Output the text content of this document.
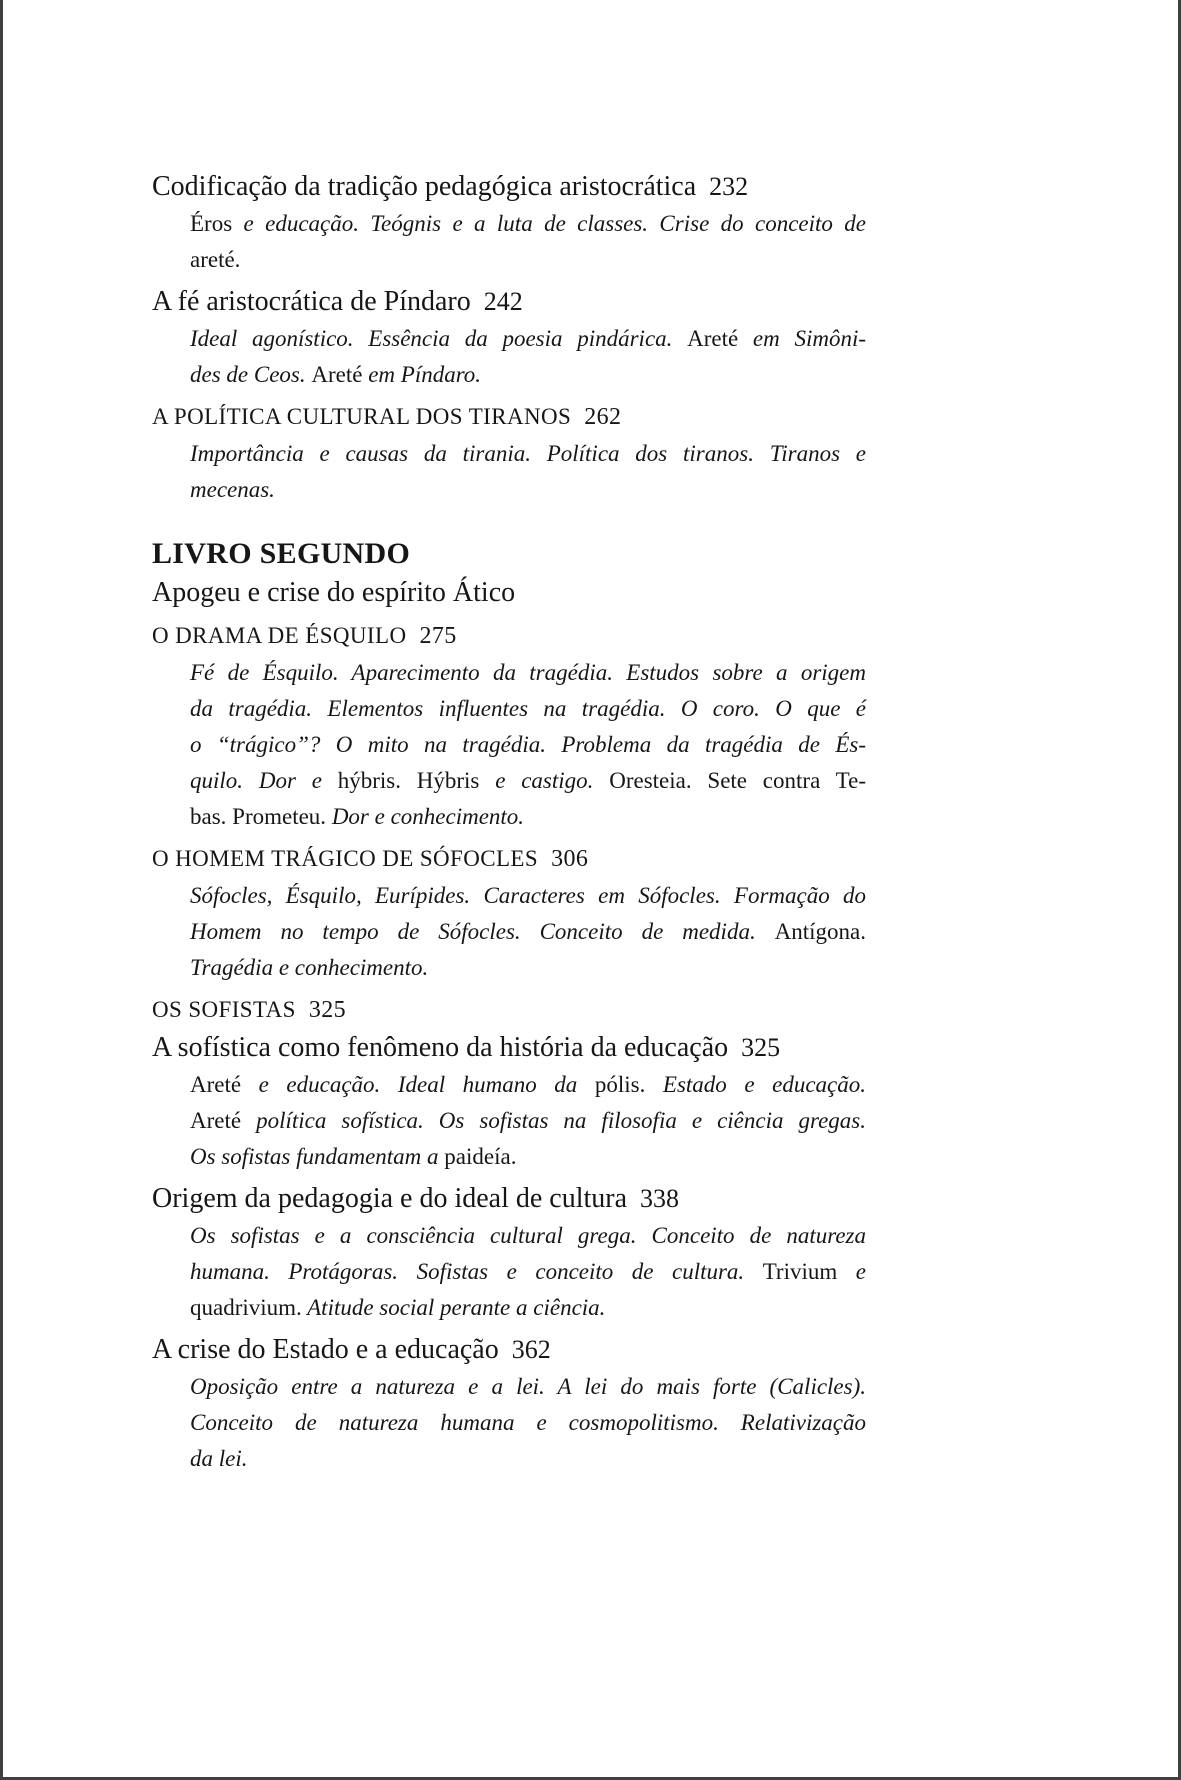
Codificação da tradição pedagógica aristocrática 232
Éros e educação. Teógnis e a luta de classes. Crise do conceito de
areté.
A fé aristocrática de Píndaro 242
Ideal agonístico. Essência da poesia pindárica. Areté em Simôni-
des de Ceos. Areté em Píndaro.
A POLÍTICA CULTURAL DOS TIRANOS 262
Importância e causas da tirania. Política dos tiranos. Tiranos e
mecenas.
LIVRO SEGUNDO
Apogeu e crise do espírito Ático
O DRAMA DE ÉSQUILO 275
Fé de Ésquilo. Aparecimento da tragédia. Estudos sobre a origem
da tragédia. Elementos influentes na tragédia. O coro. O que é
o “trágico”? O mito na tragédia. Problema da tragédia de És-
quilo. Dor e hýbris. Hýbris e castigo. Oresteia. Sete contra Te-
bas. Prometeu. Dor e conhecimento.
O HOMEM TRÁGICO DE SÓFOCLES 306
Sófocles, Ésquilo, Eurípides. Caracteres em Sófocles. Formação do
Homem no tempo de Sófocles. Conceito de medida. Antígona.
Tragédia e conhecimento.
OS SOFISTAS 325
A sofística como fenômeno da história da educação 325
Areté e educação. Ideal humano da pólis. Estado e educação.
Areté política sofística. Os sofistas na filosofia e ciência gregas.
Os sofistas fundamentam a paideía.
Origem da pedagogia e do ideal de cultura 338
Os sofistas e a consciência cultural grega. Conceito de natureza
humana. Protágoras. Sofistas e conceito de cultura. Trivium e
quadrivium. Atitude social perante a ciência.
A crise do Estado e a educação 362
Oposição entre a natureza e a lei. A lei do mais forte (Calicles).
Conceito de natureza humana e cosmopolitismo. Relativização
da lei.
